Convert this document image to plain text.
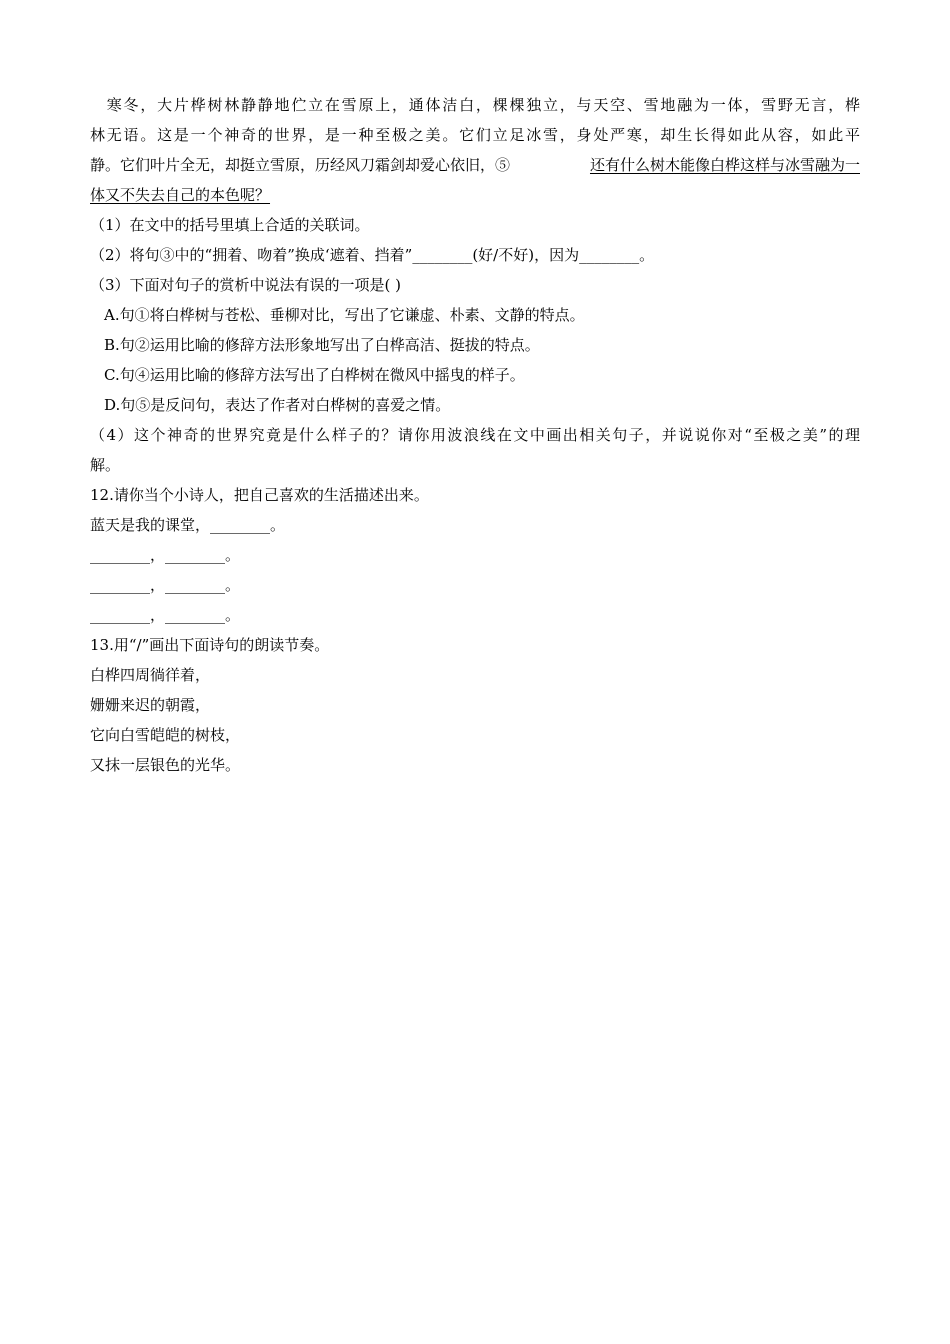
　寒冬，大片桦树林静静地伫立在雪原上，通体洁白，棵棵独立，与天空、雪地融为一体，雪野无言，桦
林无语。这是一个神奇的世界，是一种至极之美。它们立足冰雪，身处严寒，却生长得如此从容，如此平
静。它们叶片全无，却挺立雪原，历经风刀霜剑却爱心依旧，⑤	还有什么树木能像白桦这样与冰雪融为一
体又不失去自己的本色呢？
（1）在文中的括号里填上合适的关联词。
（2）将句③中的“拥着、吻着”换成‘遮着、挡着”________(好/不好)，因为________。
（3）下面对句子的赏析中说法有误的一项是( )
A.句①将白桦树与苍松、垂柳对比，写出了它谦虚、朴素、文静的特点。
B.句②运用比喻的修辞方法形象地写出了白桦高洁、挺拔的特点。
C.句④运用比喻的修辞方法写出了白桦树在微风中摇曳的样子。
D.句⑤是反问句，表达了作者对白桦树的喜爱之情。
（4）这个神奇的世界究竟是什么样子的？请你用波浪线在文中画出相关句子，并说说你对“至极之美”的理
解。
12.请你当个小诗人，把自己喜欢的生活描述出来。
蓝天是我的课堂，________。
________，________。
________，________。
________，________。
13.用“/”画出下面诗句的朗读节奏。
白桦四周徜徉着，
姗姗来迟的朝霞，
它向白雪皑皑的树枝，
又抹一层银色的光华。
